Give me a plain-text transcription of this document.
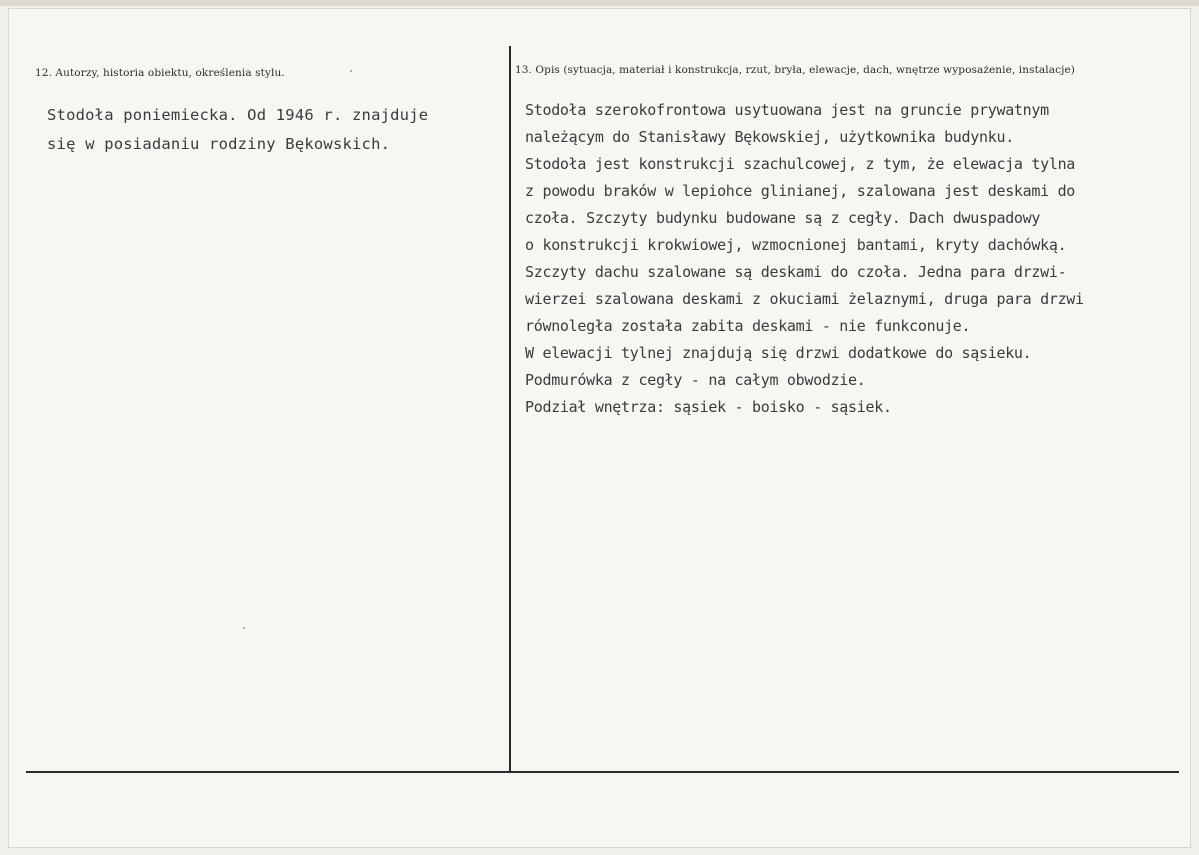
12. Autorzy, historia obiektu, określenia stylu.	13. Opis (sytuacja, materiał i konstrukcja, rzut, bryła, elewacje, dach, wnętrze wyposażenie, instalacje)
Stodoła poniemiecka. Od 1946 r. znajduje
się w posiadaniu rodziny Bękowskich.
Stodoła szerokofrontowa usytuowana jest na gruncie prywatnym
należącym do Stanisławy Bękowskiej, użytkownika budynku.
Stodoła jest konstrukcji szachulcowej, z tym, że elewacja tylna
z powodu braków w lepiohce glinianej, szalowana jest deskami do
czoła. Szczyty budynku budowane są z cegły. Dach dwuspadowy
o konstrukcji krokwiowej, wzmocnionej bantami, kryty dachówką.
Szczyty dachu szalowane są deskami do czoła. Jedna para drzwi-
wierzei szalowana deskami z okuciami żelaznymi, druga para drzwi
równoległa została zabita deskami - nie funkconuje.
W elewacji tylnej znajdują się drzwi dodatkowe do sąsieku.
Podmurówka z cegły - na całym obwodzie.
Podział wnętrza: sąsiek - boisko - sąsiek.
